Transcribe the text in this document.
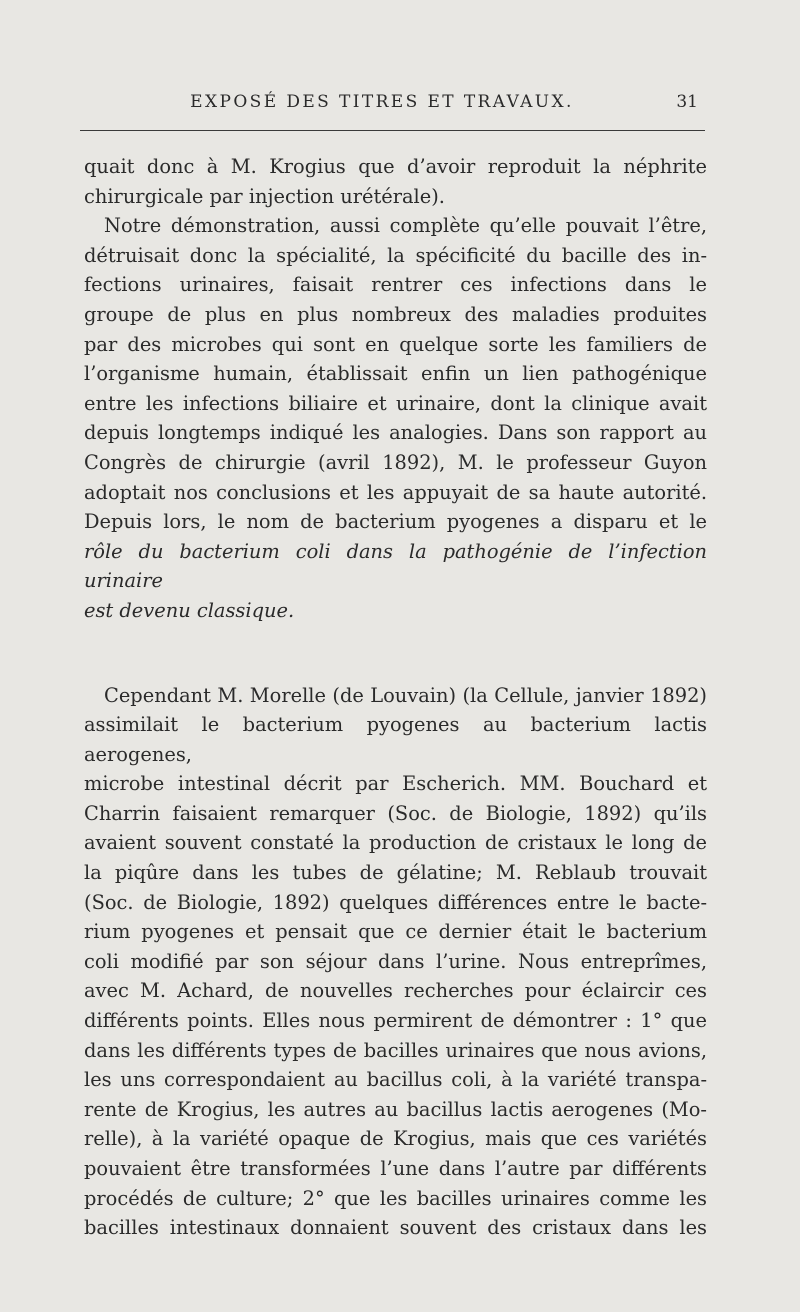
EXPOSÉ DES TITRES ET TRAVAUX.	31

quait donc à M. Krogius que d’avoir reproduit la néphrite

chirurgicale par injection urétérale).

Notre démonstration, aussi complète qu’elle pouvait l’être,

détruisait donc la spécialité, la spécificité du bacille des in-

fections urinaires, faisait rentrer ces infections dans le

groupe de plus en plus nombreux des maladies produites

par des microbes qui sont en quelque sorte les familiers de

l’organisme humain, établissait enfin un lien pathogénique

entre les infections biliaire et urinaire, dont la clinique avait

depuis longtemps indiqué les analogies. Dans son rapport au

Congrès de chirurgie (avril 1892), M. le professeur Guyon

adoptait nos conclusions et les appuyait de sa haute autorité.

Depuis lors, le nom de bacterium pyogenes a disparu et le

rôle du bacterium coli dans la pathogénie de l’infection urinaire

est devenu classique.

Cependant M. Morelle (de Louvain) (la Cellule, janvier 1892)

assimilait le bacterium pyogenes au bacterium lactis aerogenes,

microbe intestinal décrit par Escherich. MM. Bouchard et

Charrin faisaient remarquer (Soc. de Biologie, 1892) qu’ils

avaient souvent constaté la production de cristaux le long de

la piqûre dans les tubes de gélatine; M. Reblaub trouvait

(Soc. de Biologie, 1892) quelques différences entre le bacte-

rium pyogenes et pensait que ce dernier était le bacterium

coli modifié par son séjour dans l’urine. Nous entreprîmes,

avec M. Achard, de nouvelles recherches pour éclaircir ces

différents points. Elles nous permirent de démontrer : 1° que

dans les différents types de bacilles urinaires que nous avions,

les uns correspondaient au bacillus coli, à la variété transpa-

rente de Krogius, les autres au bacillus lactis aerogenes (Mo-

relle), à la variété opaque de Krogius, mais que ces variétés

pouvaient être transformées l’une dans l’autre par différents

procédés de culture; 2° que les bacilles urinaires comme les

bacilles intestinaux donnaient souvent des cristaux dans les
